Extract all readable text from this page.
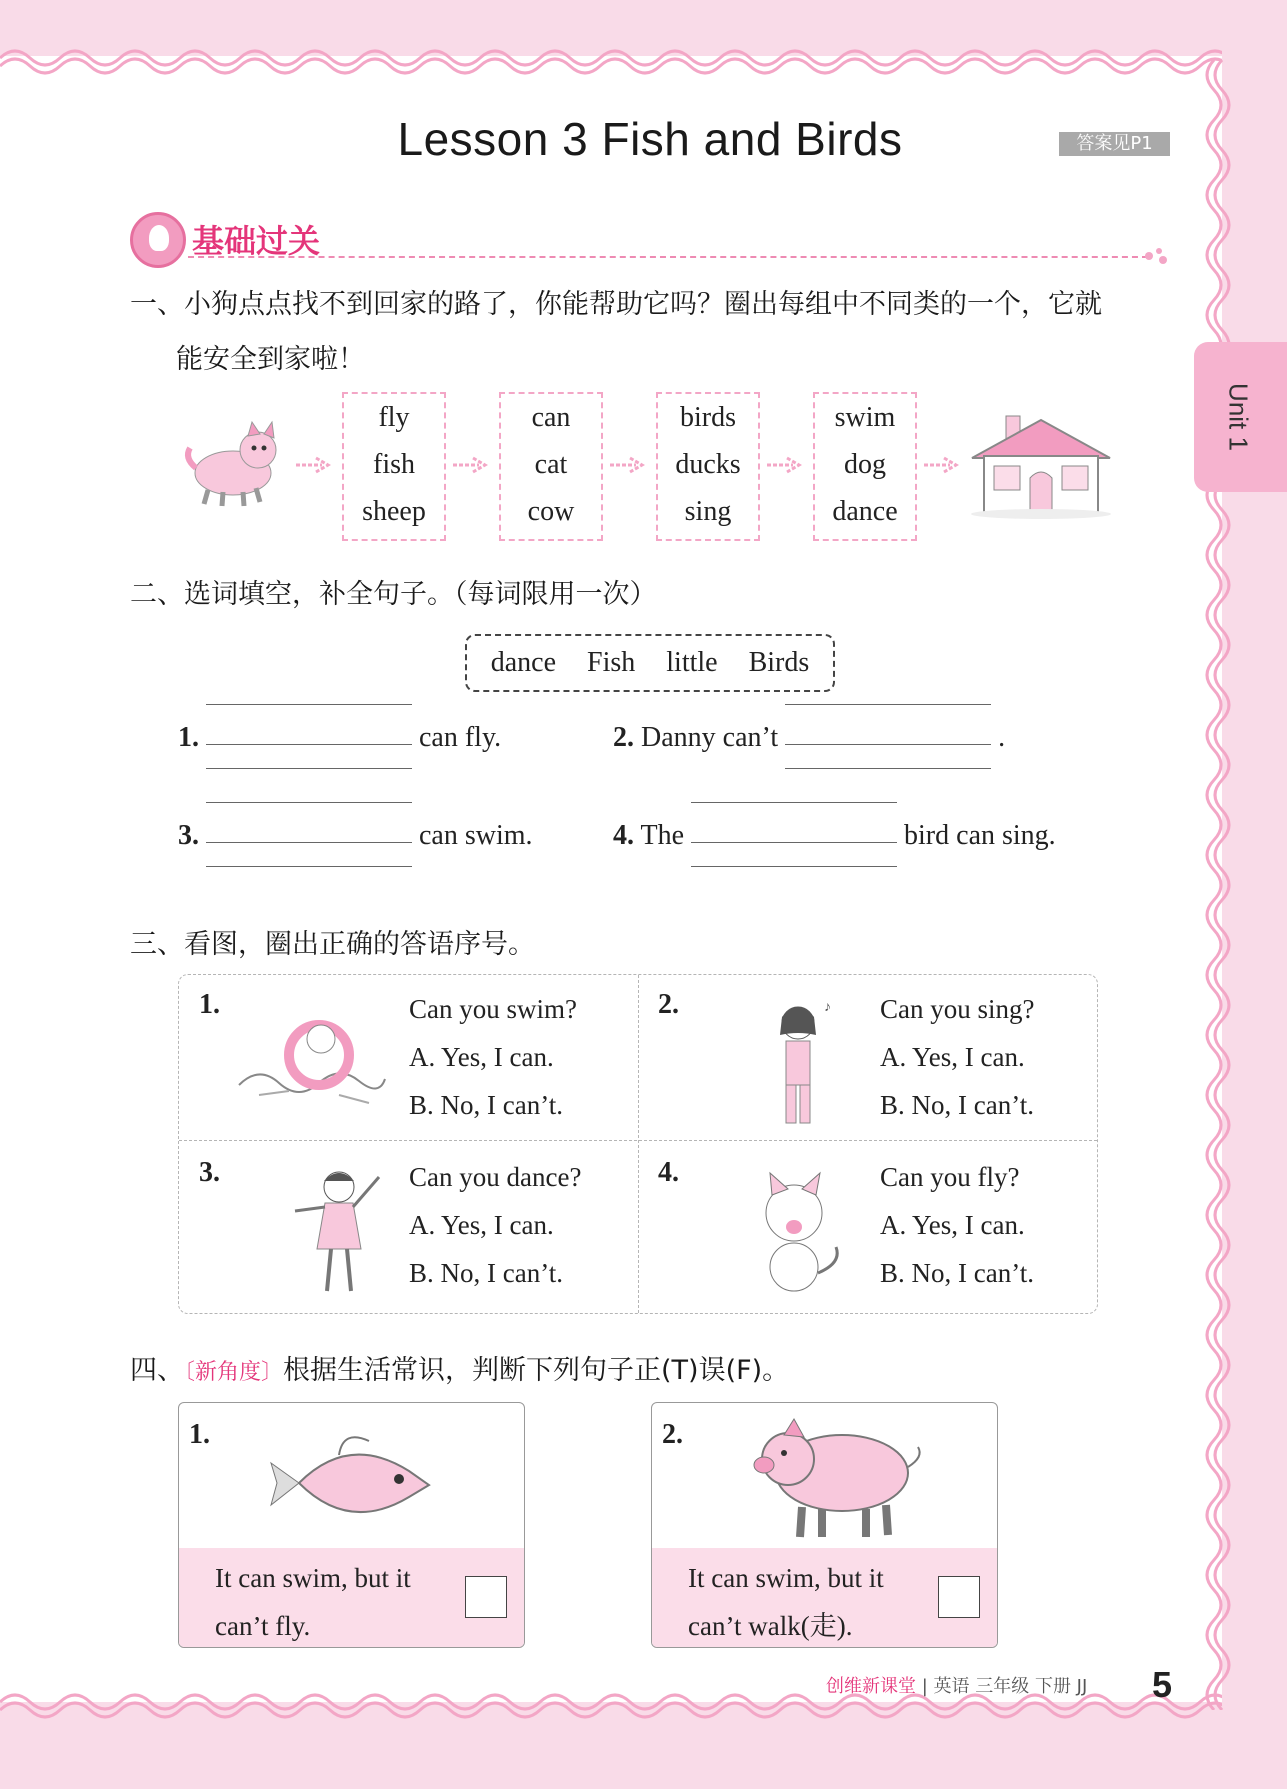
Lesson 3 Fish and Birds	答案见P1
Unit 1
基础过关
一、小狗点点找不到回家的路了，你能帮助它吗？圈出每组中不同类的一个，它就
能安全到家啦！
fly
fish
sheep
can
cat
cow
birds
ducks
sing
swim
dog
dance
二、选词填空，补全句子。（每词限用一次）
dance Fish little Birds
1.	can fly.	2. Danny can’t	.
3.	can swim.	4. The	bird can sing.
三、看图，圈出正确的答语序号。
1.	Can you swim?
A. Yes, I can.
B. No, I can’t.
2.	♪ Can you sing?
A. Yes, I can.
B. No, I can’t.
3.	Can you dance?
A. Yes, I can.
B. No, I can’t.
4.	Can you fly?
A. Yes, I can.
B. No, I can’t.
四、〔新角度〕根据生活常识，判断下列句子正(T)误(F)。
1.
It can swim, but it
can’t fly.
2.
It can swim, but it
can’t walk(走).
创维新课堂 | 英语 三年级 下册 JJ 5
